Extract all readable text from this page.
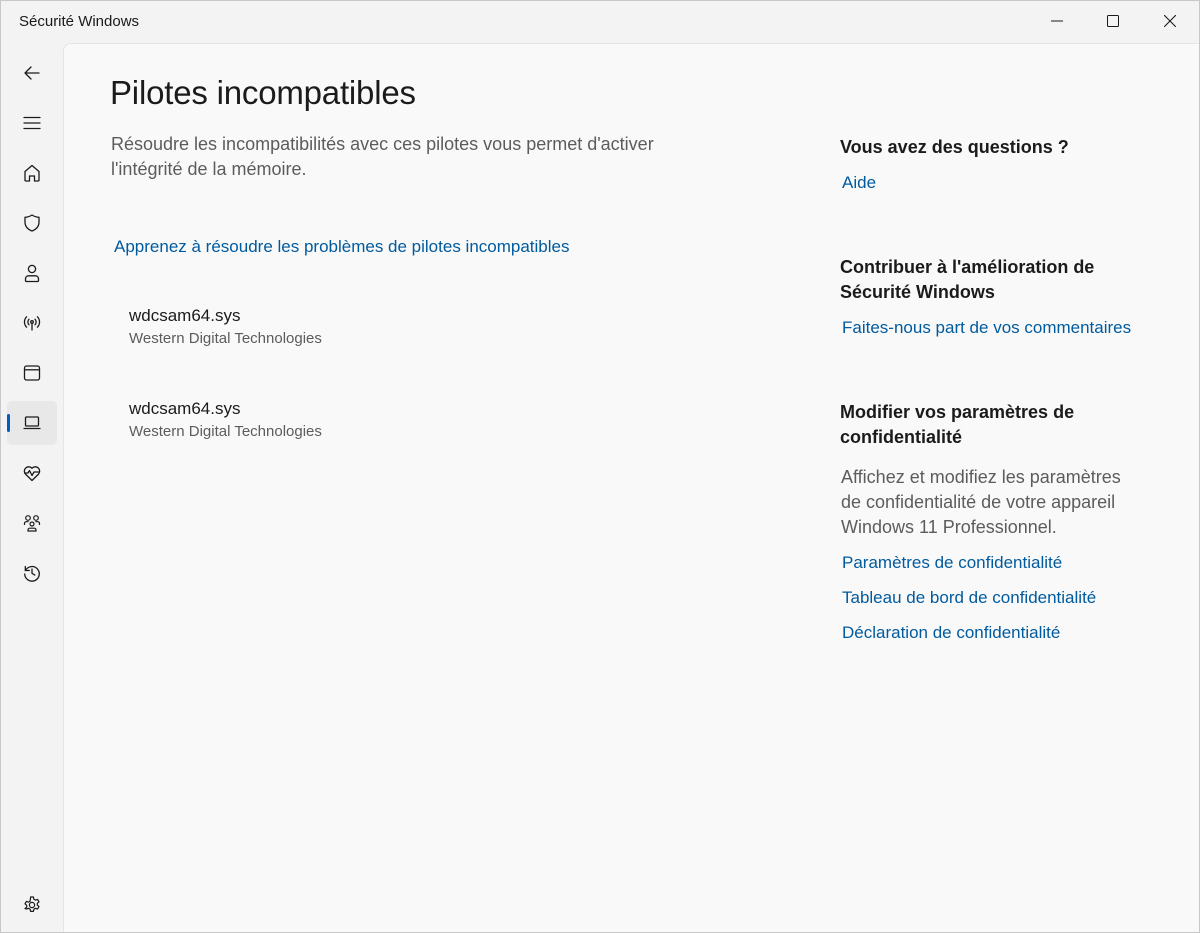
Sécurité Windows
Pilotes incompatibles

Résoudre les incompatibilités avec ces pilotes vous permet d'activer l'intégrité de la mémoire.

Apprenez à résoudre les problèmes de pilotes incompatibles
wdcsam64.sys
Western Digital Technologies
wdcsam64.sys
Western Digital Technologies
Vous avez des questions ?
Aide
Contribuer à l'amélioration de Sécurité Windows
Faites-nous part de vos commentaires
Modifier vos paramètres de confidentialité

Affichez et modifiez les paramètres de confidentialité de votre appareil Windows 11 Professionnel.

Paramètres de confidentialité
Tableau de bord de confidentialité
Déclaration de confidentialité
